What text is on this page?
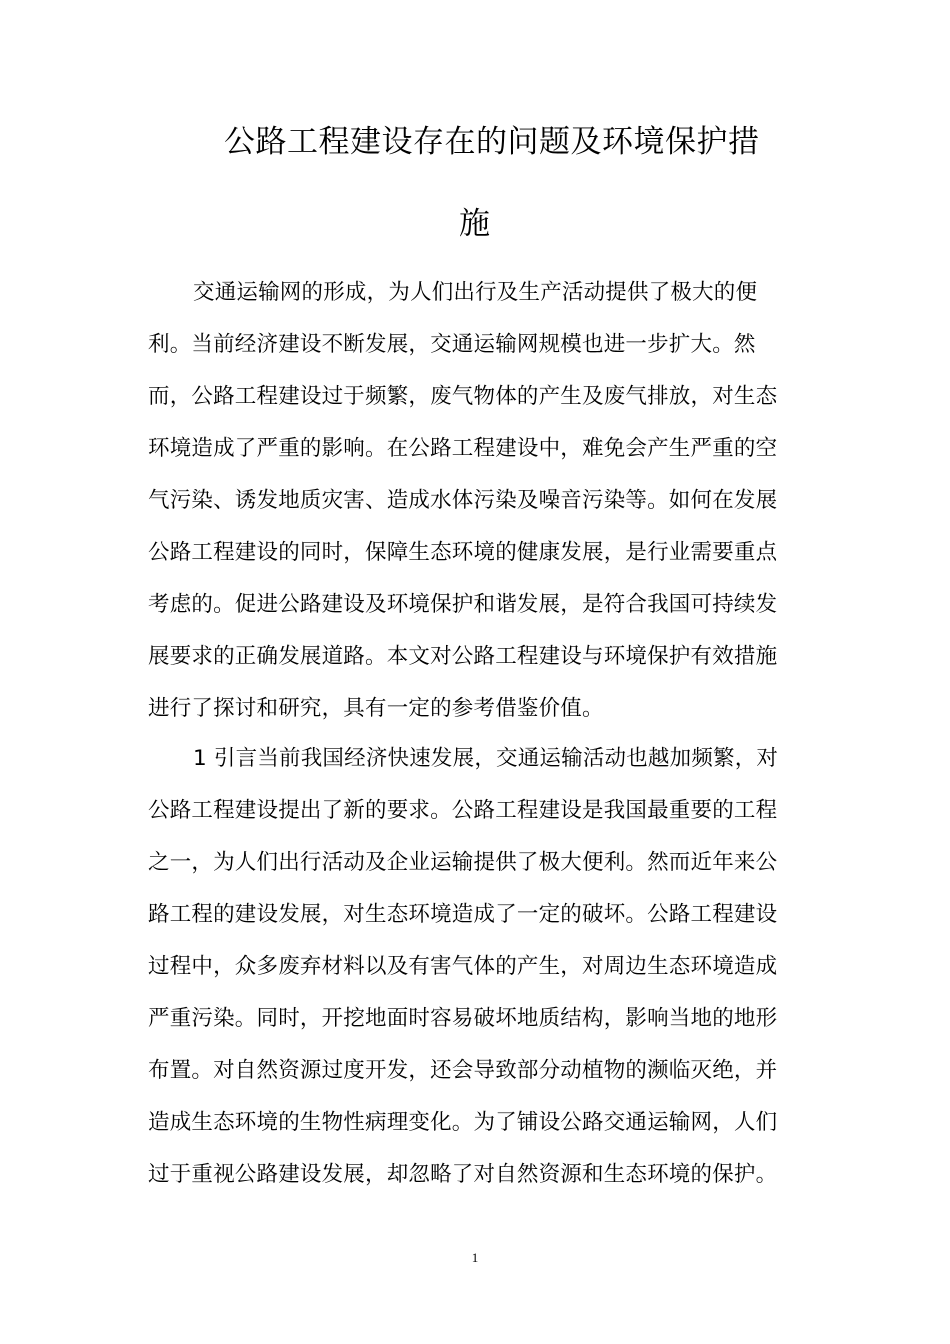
公路工程建设存在的问题及环境保护措
施
交通运输网的形成，为人们出行及生产活动提供了极大的便
利。当前经济建设不断发展，交通运输网规模也进一步扩大。然
而，公路工程建设过于频繁，废气物体的产生及废气排放，对生态
环境造成了严重的影响。在公路工程建设中，难免会产生严重的空
气污染、诱发地质灾害、造成水体污染及噪音污染等。如何在发展
公路工程建设的同时，保障生态环境的健康发展，是行业需要重点
考虑的。促进公路建设及环境保护和谐发展，是符合我国可持续发
展要求的正确发展道路。本文对公路工程建设与环境保护有效措施
进行了探讨和研究，具有一定的参考借鉴价值。
1 引言当前我国经济快速发展，交通运输活动也越加频繁，对
公路工程建设提出了新的要求。公路工程建设是我国最重要的工程
之一，为人们出行活动及企业运输提供了极大便利。然而近年来公
路工程的建设发展，对生态环境造成了一定的破坏。公路工程建设
过程中，众多废弃材料以及有害气体的产生，对周边生态环境造成
严重污染。同时，开挖地面时容易破坏地质结构，影响当地的地形
布置。对自然资源过度开发，还会导致部分动植物的濒临灭绝，并
造成生态环境的生物性病理变化。为了铺设公路交通运输网，人们
过于重视公路建设发展，却忽略了对自然资源和生态环境的保护。
1
